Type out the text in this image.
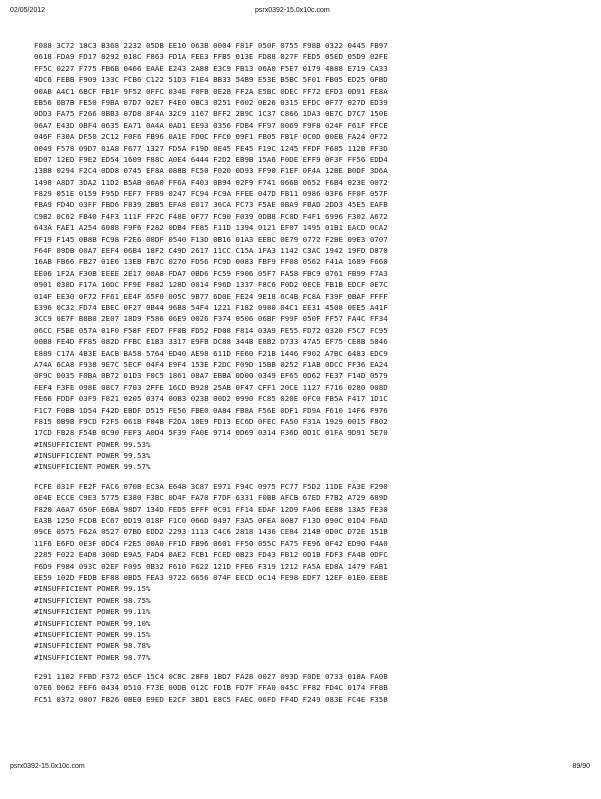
02/05/2012	psrx0392-15.0x10c.com
F088 3C72 18C3 B368 2232 05DB EE10 063B 0004 F81F 050F 0755 F98B 0322 0445 FB97
0618 FDA9 FD17 0292 018C F863 FD1A FEE3 FFB5 013E FD88 027F FED5 05ED 05D9 02FE
FF5C 0227 F775 FB6B 0466 EAAE E243 2A88 E3C9 FB13 06A0 F5E7 0179 4888 E719 CA33
4DC6 FEBB F909 133C FCB6 C122 51D3 F1E4 BB33 54B9 E53E B5BC 5F01 FB05 ED25 0FBD
00AB A4C1 6BCF FB1F 9F52 0FFC 034E F0FB 0E28 FF2A E5BC 0DEC FF72 EFD3 0D91 FE8A
EB56 0B7B FE50 F9BA 07D7 02E7 F4E0 0BC3 0251 F602 0E26 0315 EFDC 0F77 027D ED39
0DD3 FA75 F266 0BB3 07D8 8F4A 32C9 1167 BFF2 2B9C 1C37 C866 1DA3 0E7C D7C7 150E
06A7 E43D 0BF4 0635 EA71 0A4A 0AD1 EE93 0356 FDB4 FF97 0069 F9F8 024F F61F FFCE
046F F30A DF50 2C12 F0F6 FB96 0A1E FD0C FFC0 09F1 FB05 FB1F 0C0D 00EB FA24 0F72
0049 F578 09D7 01A8 F677 1327 FD5A F19D 0E45 FE45 F19C 1245 FFDF F685 112B FF3D
ED07 12ED F9E2 ED54 1609 F88C A0E4 6444 F2D2 EB9B 15A6 F0DE EFF9 0F3F FF56 EDD4
13B8 0294 F2C4 0DD8 0745 EF8A 088B FC50 F020 0D93 FF90 F1EF 0F4A 12BE B0DF 3D6A
1498 A8D7 3DA2 11D2 B5AB 06A0 FF6A F403 0B94 02F9 F741 066B 0652 F6B4 023E 0072
F829 051E 0159 F95D FEF7 FFB9 0247 FC94 FC9A FFEE 047D FB11 0986 03F6 FF0F 057F
FBA9 FD4D 03FF FBD6 F839 2BB5 EFA8 E017 36CA FC73 F5AE 0BA9 FBAD 2DD3 45E5 EAFB
C9B2 0C62 FB40 F4F3 111F FF2C F48E 0F77 FC90 F039 0DB8 FC0D F4F1 6996 F302 A672
643A FAE1 A254 6088 F9F6 F282 0DB4 FE85 F11D 1394 0121 EF07 1495 01B1 EACD 0CA2
FF19 F145 0B8B FC98 F2E6 08DF 0540 F13D 0B16 01A3 EEBC 0E79 0772 F2BE 09E3 0707
F64F 09DB 00A7 EEF4 06B4 18F2 C49D 2617 11CC C15A 1FA3 1142 C3AC 1942 19FD D870
16AB FB66 FB27 01E6 13EB FB7C 0270 FD56 FC9D 0083 FBF9 FF08 0562 F41A 1689 F660
EE06 1F2A F30B EEEE 2E17 00A8 FDA7 0BD6 FC59 F906 05F7 FA58 FBC9 0761 FB99 F7A3
0901 038D F17A 10DC FF9E F882 128D 0014 F96D 1337 F8C6 F0D2 0ECE FB1B EDCF 0E7C
014F EE30 0F72 FF61 EE4F 65F0 005C 9B77 6D0E FE24 9E18 6C4B FC8A F39F 0BAF FFFF
E396 0C32 FD74 EBEC 0F27 0B44 96B8 54F4 1221 F182 0980 04C1 EE31 4508 0EE5 A41F
3CC9 0E7F B8B0 2E07 18D9 F586 06E9 0026 F374 0506 06BF F99F 050F FF57 FA4C FF34
06CC F5BE 057A 01F0 F58F FED7 FF0B FD52 FD08 F814 03A9 FE55 FD72 0320 F5C7 FC95
00B8 FE4D FF85 082D FFBC E1B3 3317 E9FB DC88 344B E8B2 D733 47A5 EF75 CE8B 5046
E889 C17A 4B3E EACB BA58 5764 ED40 AE98 611D FE60 F21B 1446 F902 A7BC 6483 EDC9
A74A 6CA8 F938 9E7C 5ECF 04F4 E9F4 153E F2DC F09D 15BB 0252 F1AB 0DCC FF36 EA24
0F9C 0035 F0BA 0B72 01D3 F0C5 1861 08A7 EBBA 0D00 0349 EF65 0D62 FE37 F14D 0579
FEF4 F3FE 098E 08C7 F703 2FFE 16CD B928 25AB 0F47 CFF1 20CE 1127 F716 0280 008D
FE66 FDDF 03F9 F821 0205 0374 00B3 023B 00D2 0990 FC85 020E 0FC0 FB5A F417 1D1C
F1C7 F0BB 1D54 F42D EBDF D515 FE56 FBE0 0A84 FB8A F56E 0DF1 FD9A F610 14F6 F976
F815 0B9B F9CD F2F5 061B F04B F2DA 10E9 FD13 EC6D 0FEC FA50 F31A 1929 0015 F802
17CD FB28 F54B 0C90 FEF3 A0D4 5F39 FA0E 9714 0D69 0314 F36D 0D1C 01FA 9D91 5E70
#INSUFFICIENT POWER 99.53%
#INSUFFICIENT POWER 99.53%
#INSUFFICIENT POWER 99.57%
FCFE 031F FE2F FAC6 070B EC3A E648 3C87 E971 F94C 0975 FC77 F5D2 11DE FA3E F290
0E4E ECCE C9E3 5775 E380 F3BC 0D4F FA70 F7DF 6331 F0BB AFCB 67ED F7B2 A729 689D
F820 A6A7 650F E6BA 98D7 134D FED5 EFFF 0C91 FF14 EDAF 12D9 FA06 EE88 13A5 FE30
EA3B 1250 FCDB EC67 0D19 018F F1C0 066D 0497 F3A5 0FEA 0087 F13D 090C 01D4 F6AD
09CE 0575 F62A 0527 07BD EDD2 2293 1113 C4C6 2818 1436 CE84 214B 0D0C D72E 151B
11F6 E6FD 0E3F 0DC4 F2E5 00A0 FF1D FB96 0601 FF50 055C FA75 FE96 0F42 ED90 F4A0
2285 F022 E4D8 300D E9A5 FAD4 0AE2 FCB1 FCED 0B23 FD43 FB12 0D1B FDF3 FA4B 0DFC
F6D9 F984 093C 02EF F095 0B32 F610 F622 121D FFE6 F319 1212 FA5A ED8A 1479 FAB1
EE59 102D FEDB EF88 0BD5 FEA3 9722 6656 074F EECD 0C14 FE98 EDF7 12EF 01E0 EE8E
#INSUFFICIENT POWER 99.15%
#INSUFFICIENT POWER 98.75%
#INSUFFICIENT POWER 99.11%
#INSUFFICIENT POWER 99.10%
#INSUFFICIENT POWER 99.15%
#INSUFFICIENT POWER 98.78%
#INSUFFICIENT POWER 98.77%
F291 1102 FFBD F372 05CF 15C4 0C8C 28F8 1BD7 FA28 0027 093D F0DE 0733 018A FA0B
07E6 0062 FEF6 0434 0510 F73E 00DB 012C FD1B FD7F FFA0 045C FF82 FD4C 0174 FF8B
FC51 0372 0007 FB26 0BE0 E9ED E2CF 3BD1 E8C5 FAEC 06FD FF4D F249 083E FC4E F35B
psrx0392-15.0x10c.com	89/90
